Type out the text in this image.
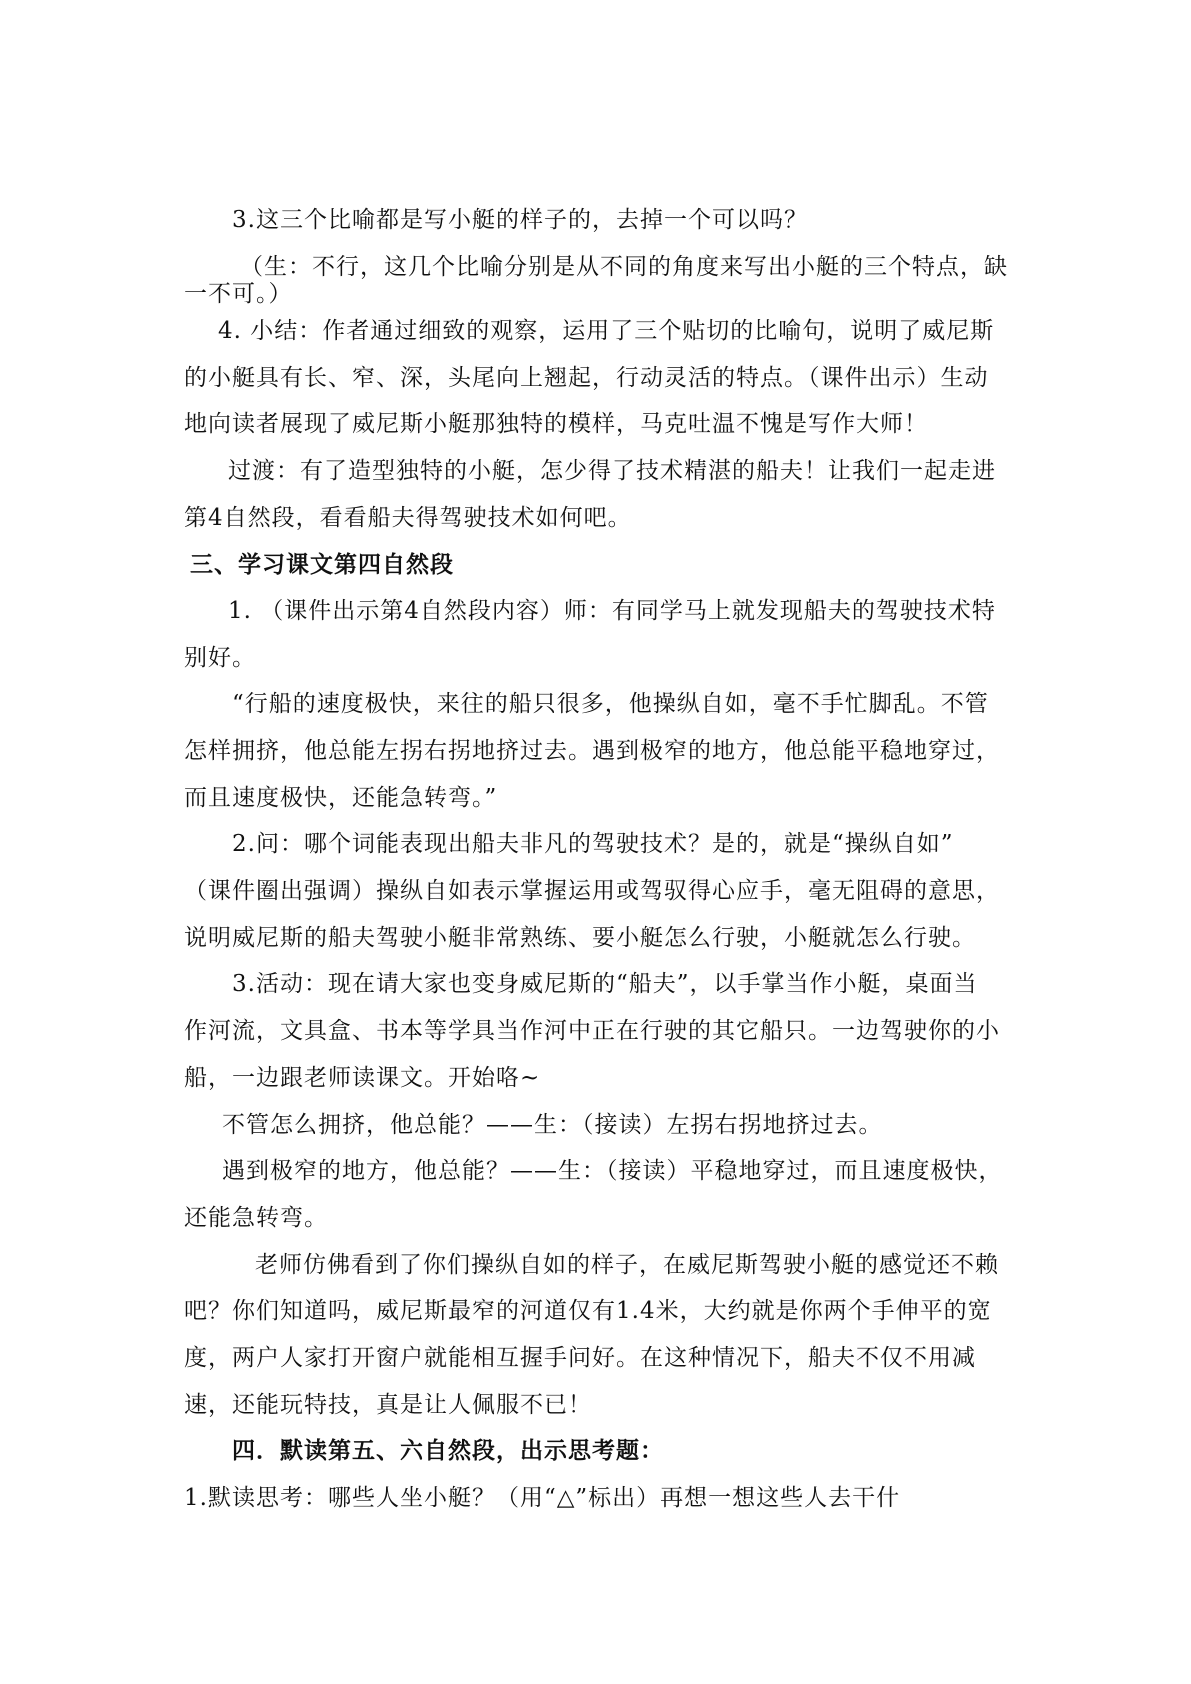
3.这三个比喻都是写小艇的样子的，去掉一个可以吗？
（生：不行，这几个比喻分别是从不同的角度来写出小艇的三个特点，缺
一不可。）
4. 小结：作者通过细致的观察，运用了三个贴切的比喻句，说明了威尼斯
的小艇具有长、窄、深，头尾向上翘起，行动灵活的特点。（课件出示）生动
地向读者展现了威尼斯小艇那独特的模样，马克吐温不愧是写作大师！
过渡：有了造型独特的小艇，怎少得了技术精湛的船夫！让我们一起走进
第4自然段，看看船夫得驾驶技术如何吧。
三、学习课文第四自然段
1. （课件出示第4自然段内容）师：有同学马上就发现船夫的驾驶技术特
别好。
“行船的速度极快，来往的船只很多，他操纵自如，毫不手忙脚乱。不管
怎样拥挤，他总能左拐右拐地挤过去。遇到极窄的地方，他总能平稳地穿过，
而且速度极快，还能急转弯。”
2.问：哪个词能表现出船夫非凡的驾驶技术？是的，就是“操纵自如”
（课件圈出强调）操纵自如表示掌握运用或驾驭得心应手，毫无阻碍的意思，
说明威尼斯的船夫驾驶小艇非常熟练、要小艇怎么行驶，小艇就怎么行驶。
3.活动：现在请大家也变身威尼斯的“船夫”，以手掌当作小艇，桌面当
作河流，文具盒、书本等学具当作河中正在行驶的其它船只。一边驾驶你的小
船，一边跟老师读课文。开始咯~
不管怎么拥挤，他总能？——生：（接读）左拐右拐地挤过去。
遇到极窄的地方，他总能？——生：（接读）平稳地穿过，而且速度极快，
还能急转弯。
老师仿佛看到了你们操纵自如的样子，在威尼斯驾驶小艇的感觉还不赖
吧？你们知道吗，威尼斯最窄的河道仅有1.4米，大约就是你两个手伸平的宽
度，两户人家打开窗户就能相互握手问好。在这种情况下，船夫不仅不用减
速，还能玩特技，真是让人佩服不已！
四．默读第五、六自然段，出示思考题：
1.默读思考：哪些人坐小艇？（用“△”标出）再想一想这些人去干什
